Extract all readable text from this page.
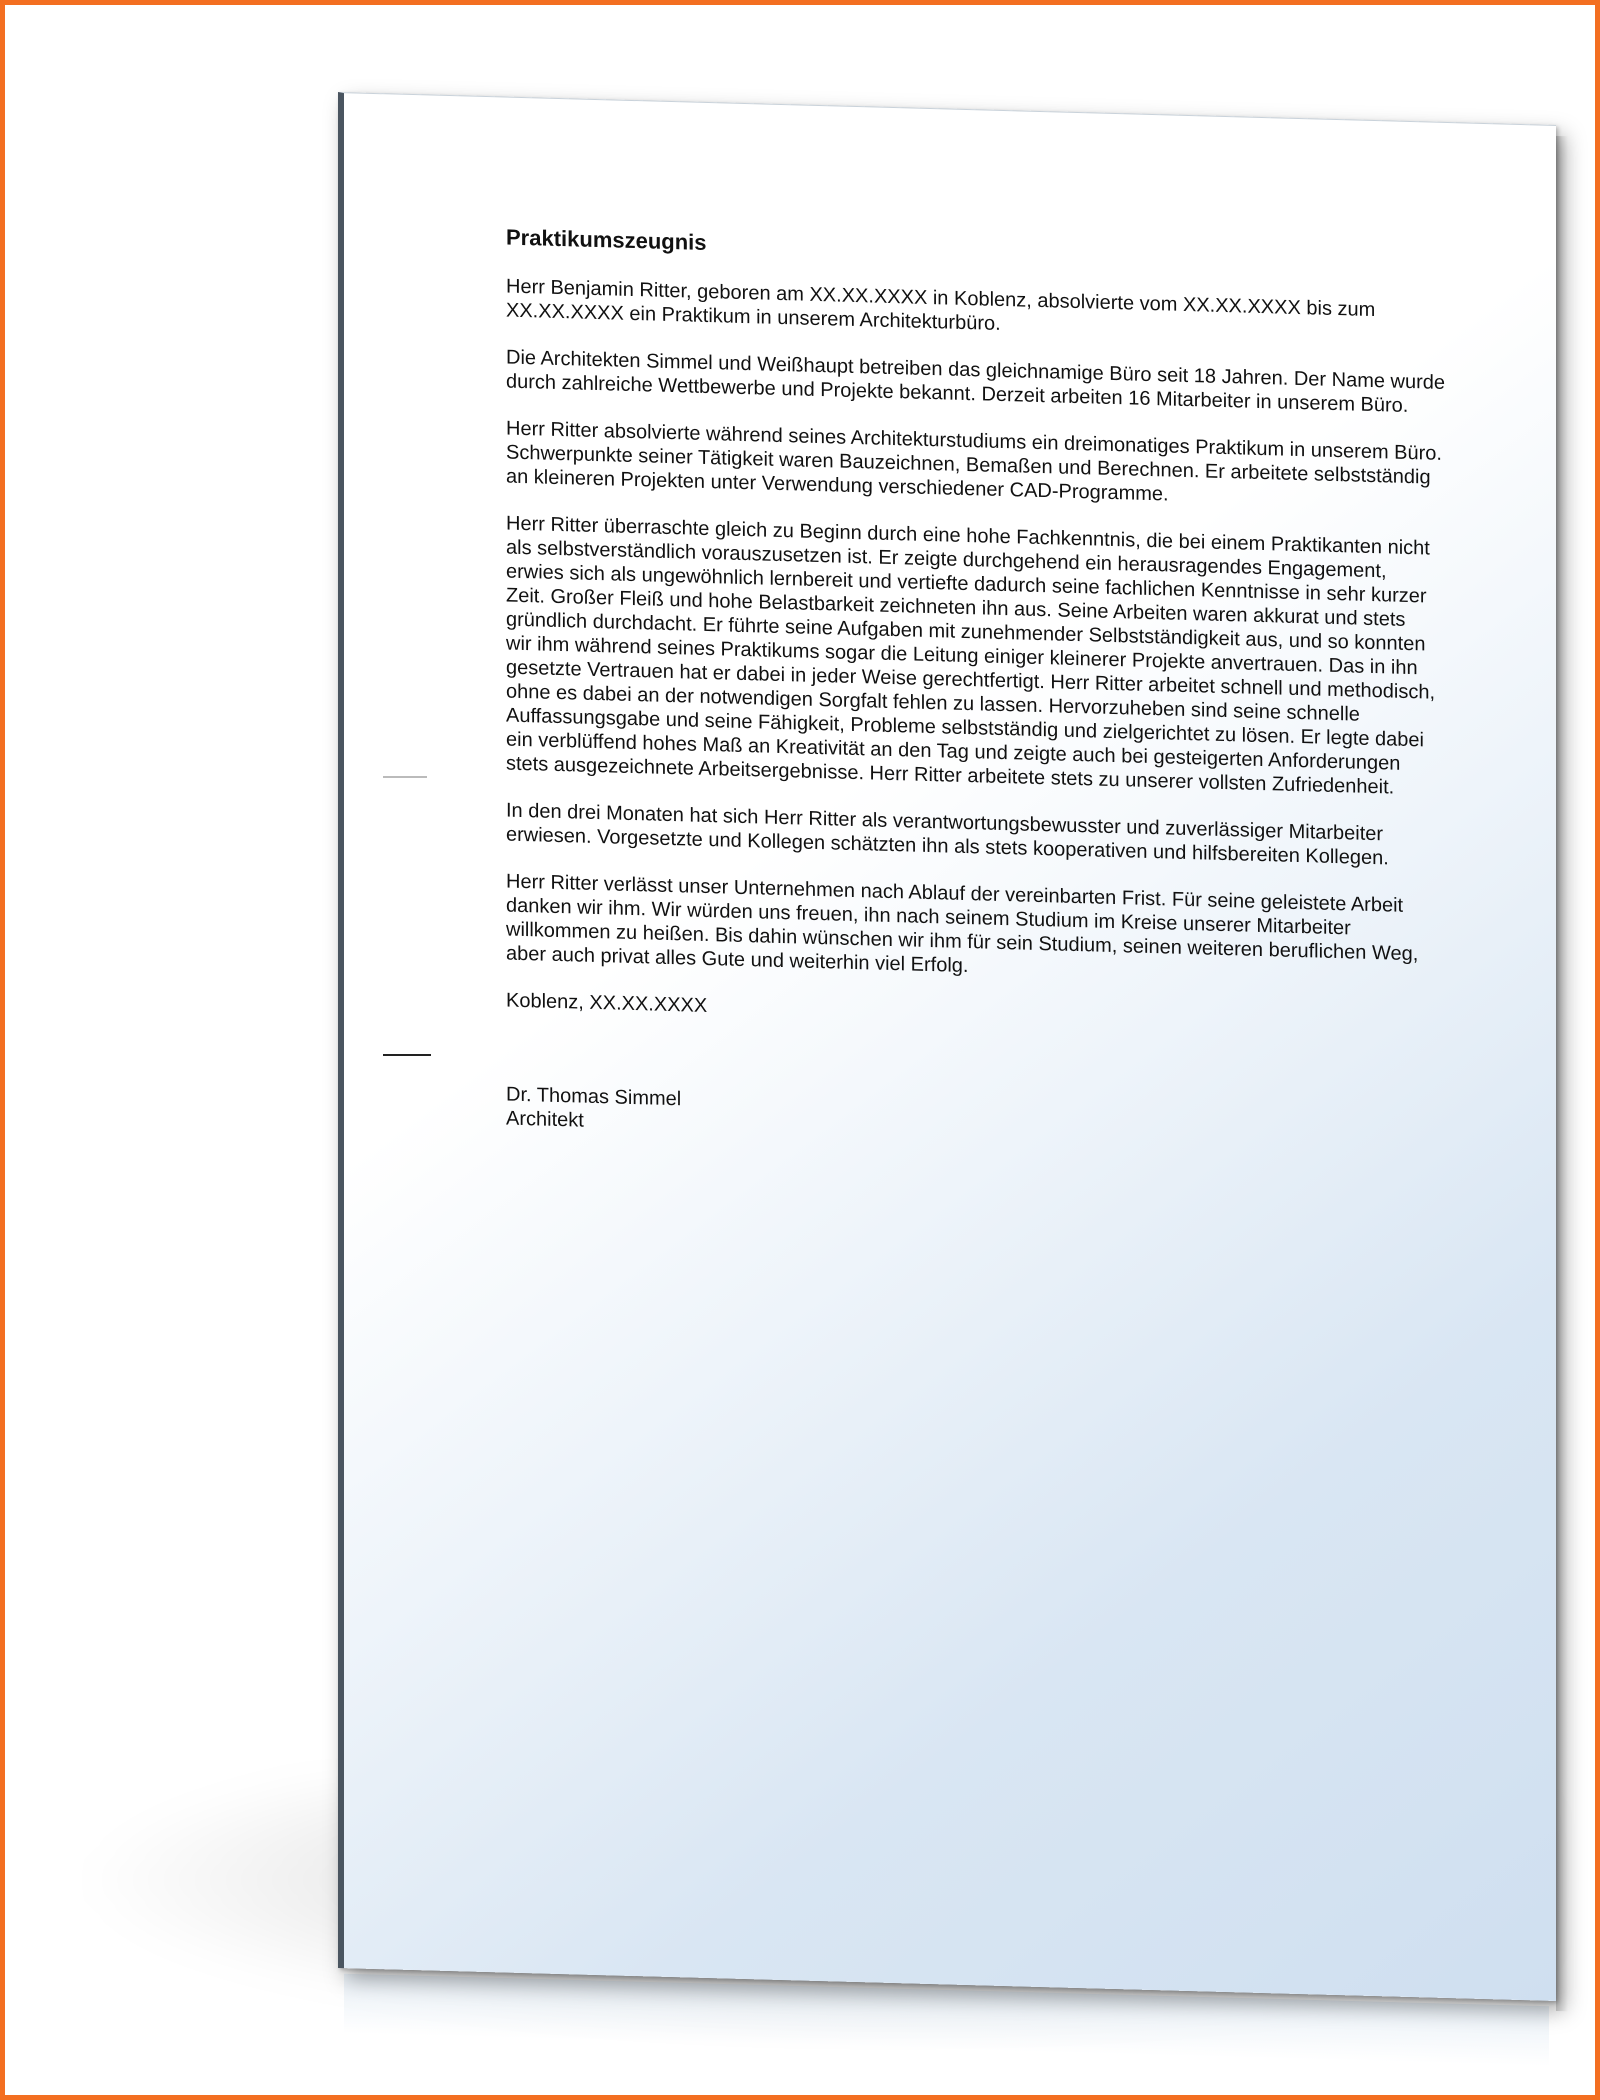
Praktikumszeugnis

Herr Benjamin Ritter, geboren am XX.XX.XXXX in Koblenz, absolvierte vom XX.XX.XXXX bis zum XX.XX.XXXX ein Praktikum in unserem Architekturbüro.

Die Architekten Simmel und Weißhaupt betreiben das gleichnamige Büro seit 18 Jahren. Der Name wurde durch zahlreiche Wettbewerbe und Projekte bekannt. Derzeit arbeiten 16 Mitarbeiter in unserem Büro.

Herr Ritter absolvierte während seines Architekturstudiums ein dreimonatiges Praktikum in unserem Büro. Schwerpunkte seiner Tätigkeit waren Bauzeichnen, Bemaßen und Berechnen. Er arbeitete selbstständig an kleineren Projekten unter Verwendung verschiedener CAD-Programme.

Herr Ritter überraschte gleich zu Beginn durch eine hohe Fachkenntnis, die bei einem Praktikanten nicht als selbstverständlich vorauszusetzen ist. Er zeigte durchgehend ein herausragendes Engagement, erwies sich als ungewöhnlich lernbereit und vertiefte dadurch seine fachlichen Kenntnisse in sehr kurzer Zeit. Großer Fleiß und hohe Belastbarkeit zeichneten ihn aus. Seine Arbeiten waren akkurat und stets gründlich durchdacht. Er führte seine Aufgaben mit zunehmender Selbstständigkeit aus, und so konnten wir ihm während seines Praktikums sogar die Leitung einiger kleinerer Projekte anvertrauen. Das in ihn gesetzte Vertrauen hat er dabei in jeder Weise gerechtfertigt. Herr Ritter arbeitet schnell und methodisch, ohne es dabei an der notwendigen Sorgfalt fehlen zu lassen. Hervorzuheben sind seine schnelle Auffassungsgabe und seine Fähigkeit, Probleme selbstständig und zielgerichtet zu lösen. Er legte dabei ein verblüffend hohes Maß an Kreativität an den Tag und zeigte auch bei gesteigerten Anforderungen stets ausgezeichnete Arbeitsergebnisse. Herr Ritter arbeitete stets zu unserer vollsten Zufriedenheit.

In den drei Monaten hat sich Herr Ritter als verantwortungsbewusster und zuverlässiger Mitarbeiter erwiesen. Vorgesetzte und Kollegen schätzten ihn als stets kooperativen und hilfsbereiten Kollegen.

Herr Ritter verlässt unser Unternehmen nach Ablauf der vereinbarten Frist. Für seine geleistete Arbeit danken wir ihm. Wir würden uns freuen, ihn nach seinem Studium im Kreise unserer Mitarbeiter willkommen zu heißen. Bis dahin wünschen wir ihm für sein Studium, seinen weiteren beruflichen Weg, aber auch privat alles Gute und weiterhin viel Erfolg.

Koblenz, XX.XX.XXXX

Dr. Thomas Simmel
Architekt
